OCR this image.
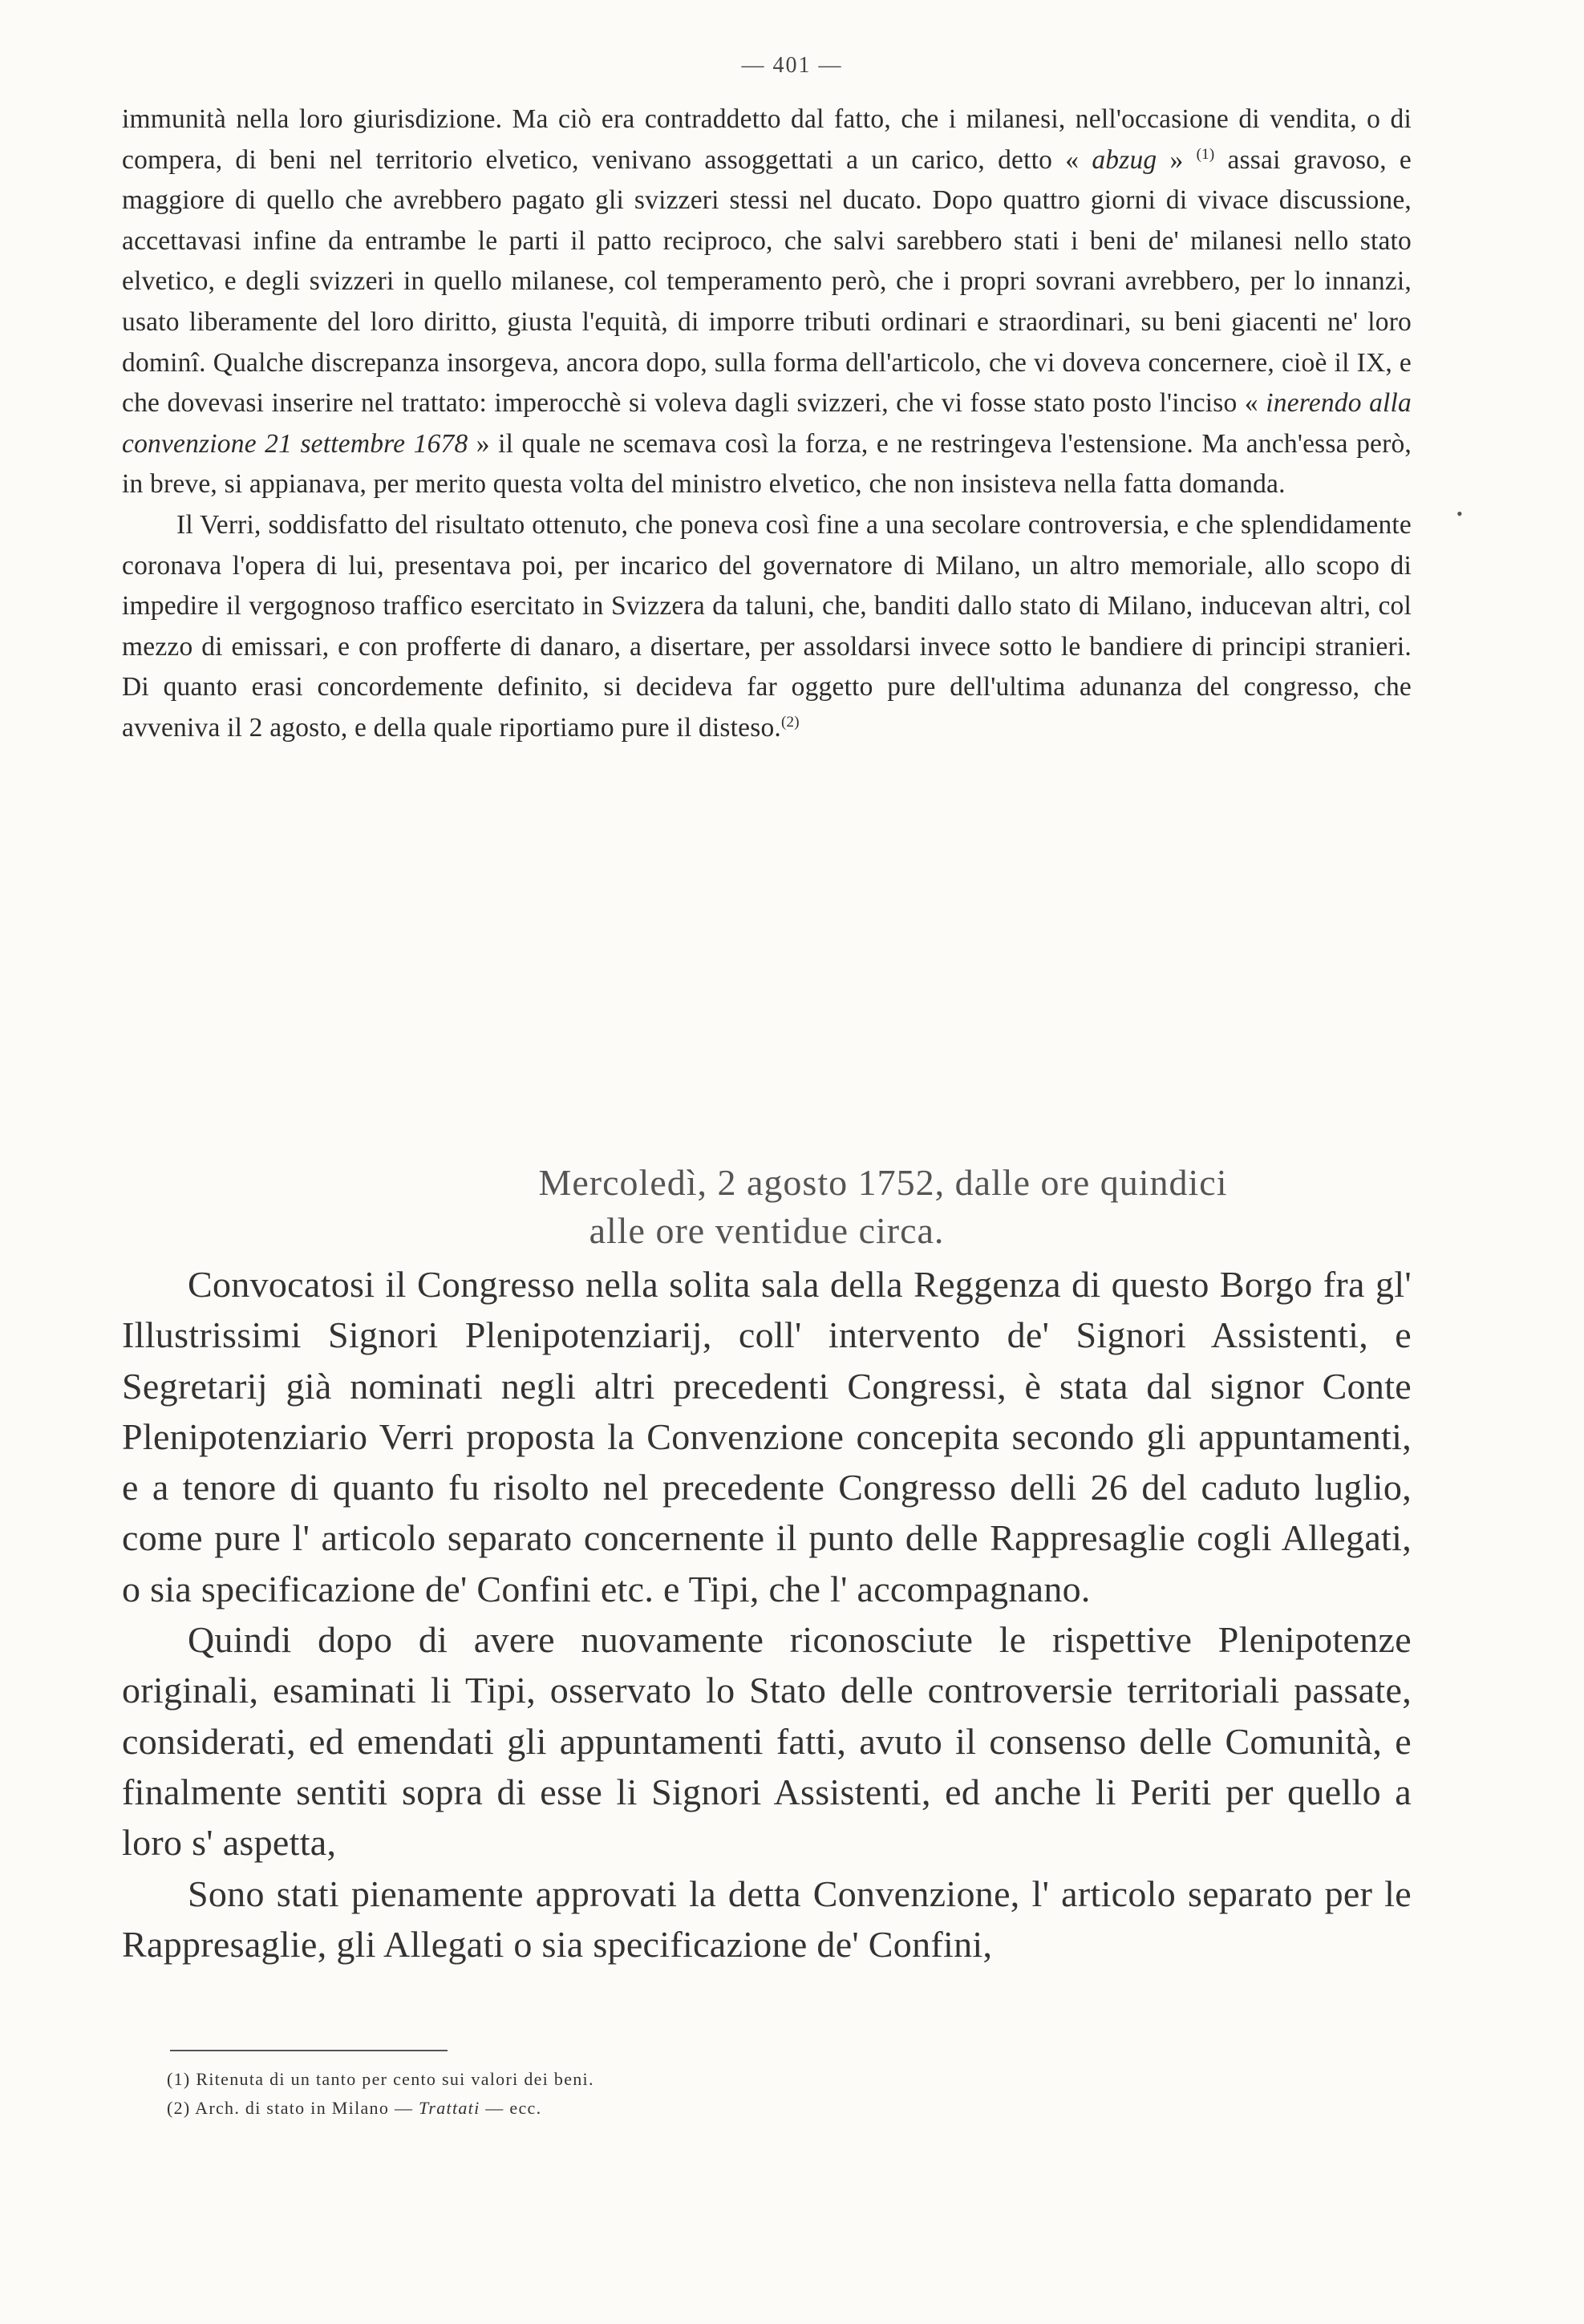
— 401 —

immunità nella loro giurisdizione. Ma ciò era contraddetto dal fatto, che i milanesi, nell'occasione di vendita, o di compera, di beni nel territorio elvetico, venivano assoggettati a un carico, detto « abzug » $^{(1)}$ assai gravoso, e maggiore di quello che avrebbero pagato gli svizzeri stessi nel ducato. Dopo quattro giorni di vivace discussione, accettavasi infine da entrambe le parti il patto reciproco, che salvi sarebbero stati i beni de' milanesi nello stato elvetico, e degli svizzeri in quello milanese, col temperamento però, che i propri sovrani avrebbero, per lo innanzi, usato liberamente del loro diritto, giusta l'equità, di imporre tributi ordinari e straordinari, su beni giacenti ne' loro dominî. Qualche discrepanza insorgeva, ancora dopo, sulla forma dell'articolo, che vi doveva concernere, cioè il IX, e che dovevasi inserire nel trattato: imperocchè si voleva dagli svizzeri, che vi fosse stato posto l'inciso « inerendo alla convenzione 21 settembre 1678 » il quale ne scemava così la forza, e ne restringeva l'estensione. Ma anch'essa però, in breve, si appianava, per merito questa volta del ministro elvetico, che non insisteva nella fatta domanda.

Il Verri, soddisfatto del risultato ottenuto, che poneva così fine a una secolare controversia, e che splendidamente coronava l'opera di lui, presentava poi, per incarico del governatore di Milano, un altro memoriale, allo scopo di impedire il vergognoso traffico esercitato in Svizzera da taluni, che, banditi dallo stato di Milano, inducevan altri, col mezzo di emissari, e con profferte di danaro, a disertare, per assoldarsi invece sotto le bandiere di principi stranieri. Di quanto erasi concordemente definito, si decideva far oggetto pure dell'ultima adunanza del congresso, che avveniva il 2 agosto, e della quale riportiamo pure il disteso.$^{(2)}$

•
Mercoledì, 2 agosto 1752, dalle ore quindici
alle ore ventidue circa.

Convocatosi il Congresso nella solita sala della Reggenza di questo Borgo fra gl' Illustrissimi Signori Plenipotenziarij, coll' intervento de' Signori Assistenti, e Segretarij già nominati negli altri precedenti Congressi, è stata dal signor Conte Plenipotenziario Verri proposta la Convenzione concepita secondo gli appuntamenti, e a tenore di quanto fu risolto nel precedente Congresso delli 26 del caduto luglio, come pure l' articolo separato concernente il punto delle Rappresaglie cogli Allegati, o sia specificazione de' Confini etc. e Tipi, che l' accompagnano.

Quindi dopo di avere nuovamente riconosciute le rispettive Plenipotenze originali, esaminati li Tipi, osservato lo Stato delle controversie territoriali passate, considerati, ed emendati gli appuntamenti fatti, avuto il consenso delle Comunità, e finalmente sentiti sopra di esse li Signori Assistenti, ed anche li Periti per quello a loro s' aspetta,

Sono stati pienamente approvati la detta Convenzione, l' articolo separato per le Rappresaglie, gli Allegati o sia specificazione de' Confini,

(1) Ritenuta di un tanto per cento sui valori dei beni.
(2) Arch. di stato in Milano — Trattati — ecc.
